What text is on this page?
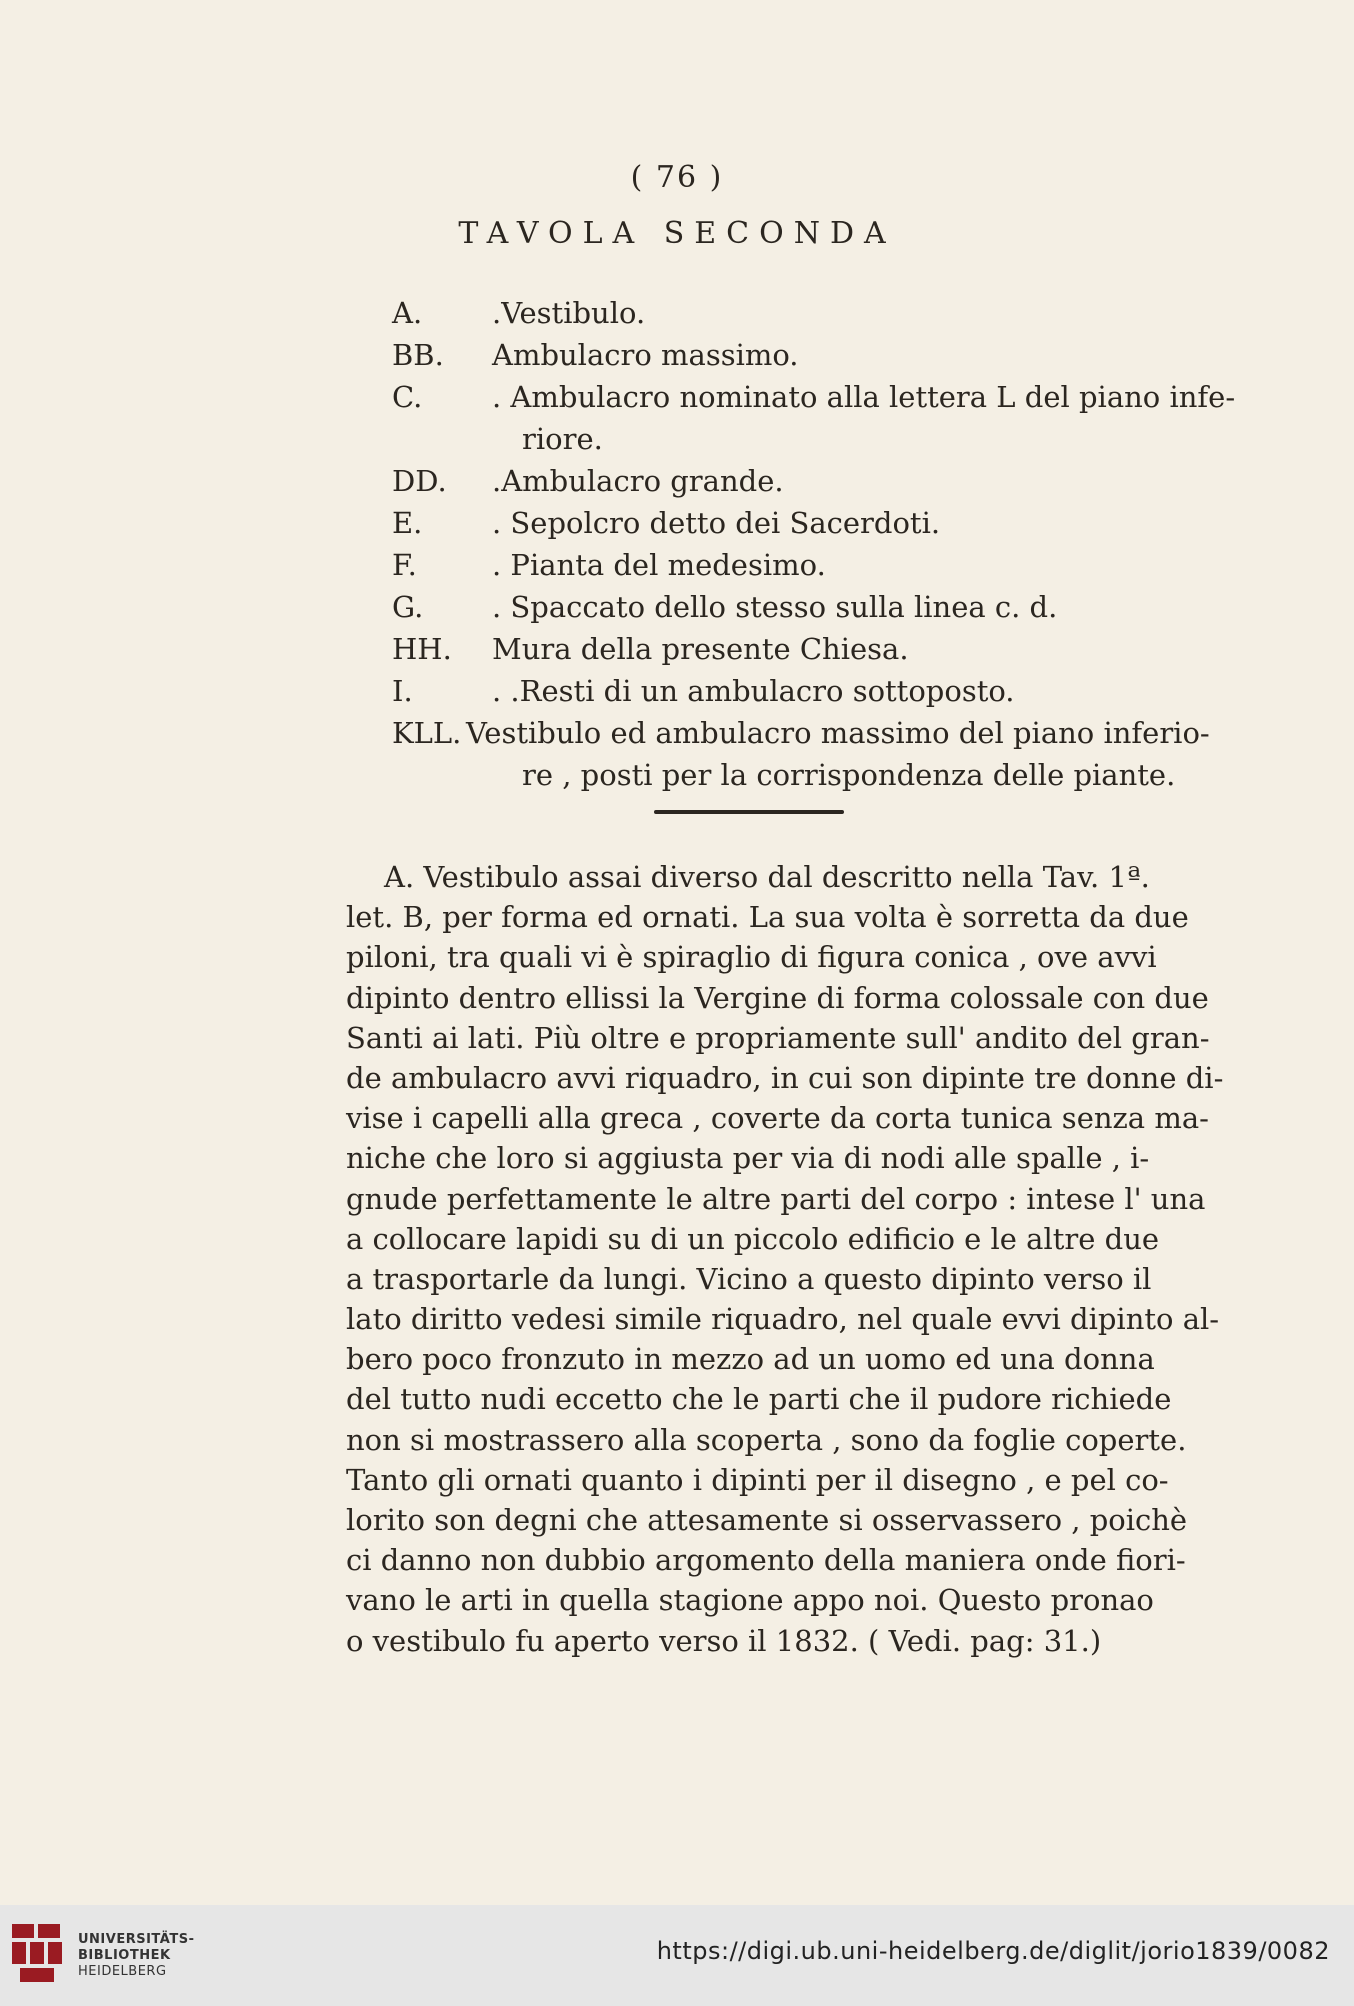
( 76 )
TAVOLA SECONDA
A.	.Vestibulo.
BB.	Ambulacro massimo.
C.	. Ambulacro nominato alla lettera L del piano infe-
riore.
DD.	.Ambulacro grande.
E.	. Sepolcro detto dei Sacerdoti.
F.	. Pianta del medesimo.
G.	. Spaccato dello stesso sulla linea c. d.
HH.	Mura della presente Chiesa.
I.	. .Resti di un ambulacro sottoposto.
KLL. Vestibulo ed ambulacro massimo del piano inferio-
re , posti per la corrispondenza delle piante.
A. Vestibulo assai diverso dal descritto nella Tav. 1ª.
let. B, per forma ed ornati. La sua volta è sorretta da due
piloni, tra quali vi è spiraglio di figura conica , ove avvi
dipinto dentro ellissi la Vergine di forma colossale con due
Santi ai lati. Più oltre e propriamente sull' andito del gran-
de ambulacro avvi riquadro, in cui son dipinte tre donne di-
vise i capelli alla greca , coverte da corta tunica senza ma-
niche che loro si aggiusta per via di nodi alle spalle , i-
gnude perfettamente le altre parti del corpo : intese l' una
a collocare lapidi su di un piccolo edificio e le altre due
a trasportarle da lungi. Vicino a questo dipinto verso il
lato diritto vedesi simile riquadro, nel quale evvi dipinto al-
bero poco fronzuto in mezzo ad un uomo ed una donna
del tutto nudi eccetto che le parti che il pudore richiede
non si mostrassero alla scoperta , sono da foglie coperte.
Tanto gli ornati quanto i dipinti per il disegno , e pel co-
lorito son degni che attesamente si osservassero , poichè
ci danno non dubbio argomento della maniera onde fiori-
vano le arti in quella stagione appo noi. Questo pronao
o vestibulo fu aperto verso il 1832. ( Vedi. pag: 31.)
UNIVERSITÄTS-
BIBLIOTHEK
HEIDELBERG
https://digi.ub.uni-heidelberg.de/diglit/jorio1839/0082
